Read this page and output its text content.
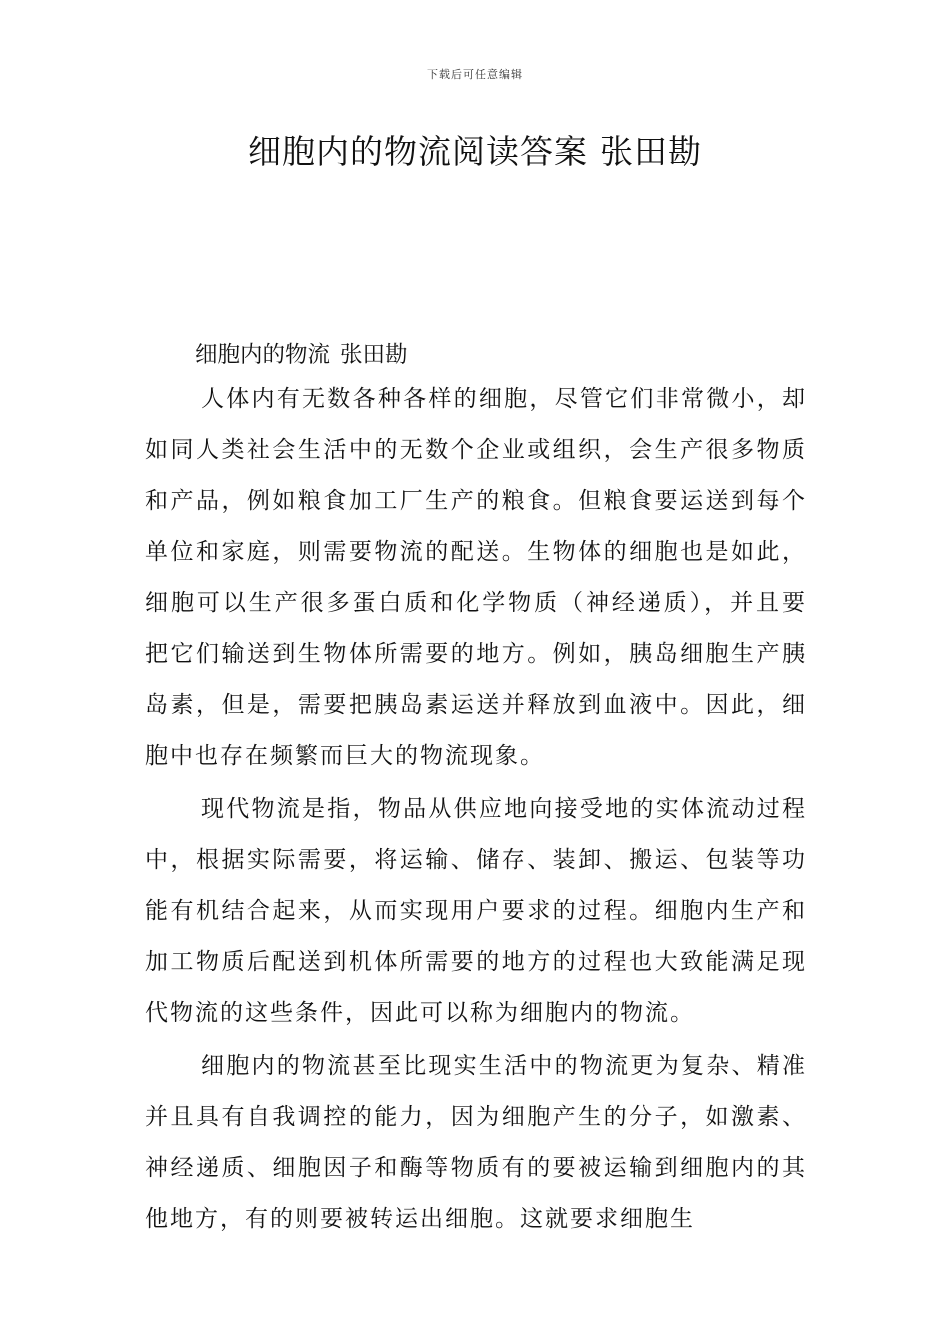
下载后可任意编辑
细胞内的物流阅读答案 张田勘

细胞内的物流 张田勘

人体内有无数各种各样的细胞，尽管它们非常微小，却如同人类社会生活中的无数个企业或组织，会生产很多物质和产品，例如粮食加工厂生产的粮食。但粮食要运送到每个单位和家庭，则需要物流的配送。生物体的细胞也是如此，细胞可以生产很多蛋白质和化学物质（神经递质），并且要把它们输送到生物体所需要的地方。例如，胰岛细胞生产胰岛素，但是，需要把胰岛素运送并释放到血液中。因此，细胞中也存在频繁而巨大的物流现象。

现代物流是指，物品从供应地向接受地的实体流动过程中，根据实际需要，将运输、储存、装卸、搬运、包装等功能有机结合起来，从而实现用户要求的过程。细胞内生产和加工物质后配送到机体所需要的地方的过程也大致能满足现代物流的这些条件，因此可以称为细胞内的物流。

细胞内的物流甚至比现实生活中的物流更为复杂、精准并且具有自我调控的能力，因为细胞产生的分子，如激素、神经递质、细胞因子和酶等物质有的要被运输到细胞内的其他地方，有的则要被转运出细胞。这就要求细胞生
